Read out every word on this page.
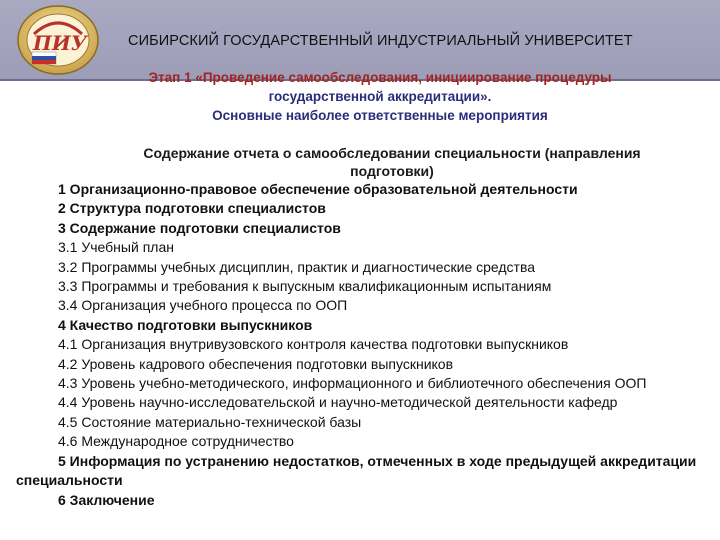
ПИУ	СИБИРСКИЙ ГОСУДАРСТВЕННЫЙ ИНДУСТРИАЛЬНЫЙ УНИВЕРСИТЕТ
Этап 1 «Проведение самообследования, инициирование процедуры
государственной аккредитации».
Основные наиболее ответственные мероприятия
Содержание отчета о самообследовании специальности (направления
подготовки)
1 Организационно-правовое обеспечение образовательной деятельности
2 Структура подготовки специалистов
3 Содержание подготовки специалистов
3.1 Учебный план
3.2 Программы учебных дисциплин, практик и диагностические средства
3.3 Программы и требования к выпускным квалификационным испытаниям
3.4 Организация учебного процесса по ООП
4 Качество подготовки выпускников
4.1 Организация внутривузовского контроля качества подготовки выпускников
4.2 Уровень кадрового обеспечения подготовки выпускников
4.3 Уровень учебно-методического, информационного и библиотечного обеспечения ООП
4.4 Уровень научно-исследовательской и научно-методической деятельности кафедр
4.5 Состояние материально-технической базы
4.6 Международное сотрудничество
5 Информация по устранению недостатков, отмеченных в ходе предыдущей аккредитации специальности
6 Заключение
